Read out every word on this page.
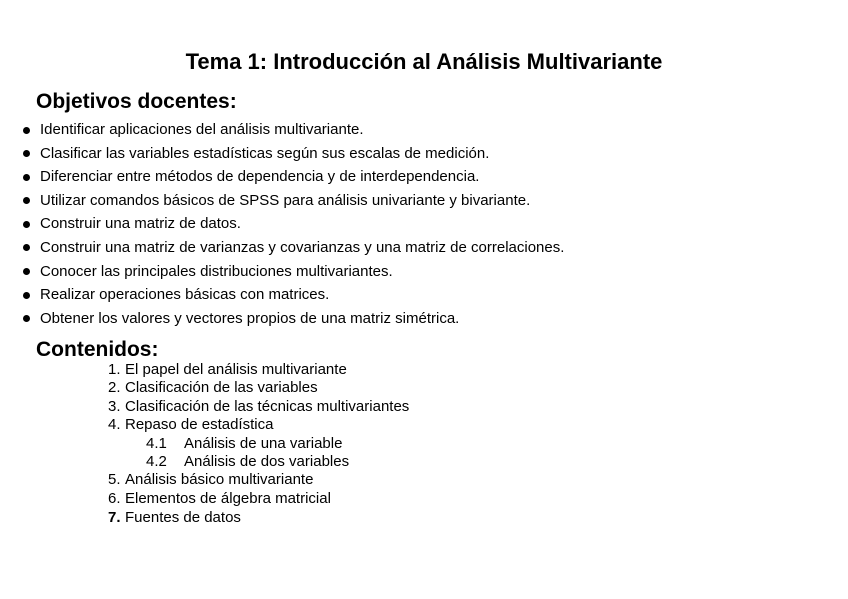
Tema 1: Introducción al Análisis Multivariante
Objetivos docentes:
Identificar aplicaciones del análisis multivariante.
Clasificar las variables estadísticas según sus escalas de medición.
Diferenciar entre métodos de dependencia y de interdependencia.
Utilizar comandos básicos de SPSS para análisis univariante y bivariante.
Construir una matriz de datos.
Construir una matriz de varianzas y covarianzas y una matriz de correlaciones.
Conocer las principales distribuciones multivariantes.
Realizar operaciones básicas con matrices.
Obtener los valores y vectores propios de una matriz simétrica.
Contenidos:
1. El papel del análisis multivariante
2. Clasificación de las variables
3. Clasificación de las técnicas multivariantes
4. Repaso de estadística
4.1 Análisis de una variable
4.2 Análisis de dos variables
5. Análisis básico multivariante
6. Elementos de álgebra matricial
7. Fuentes de datos
